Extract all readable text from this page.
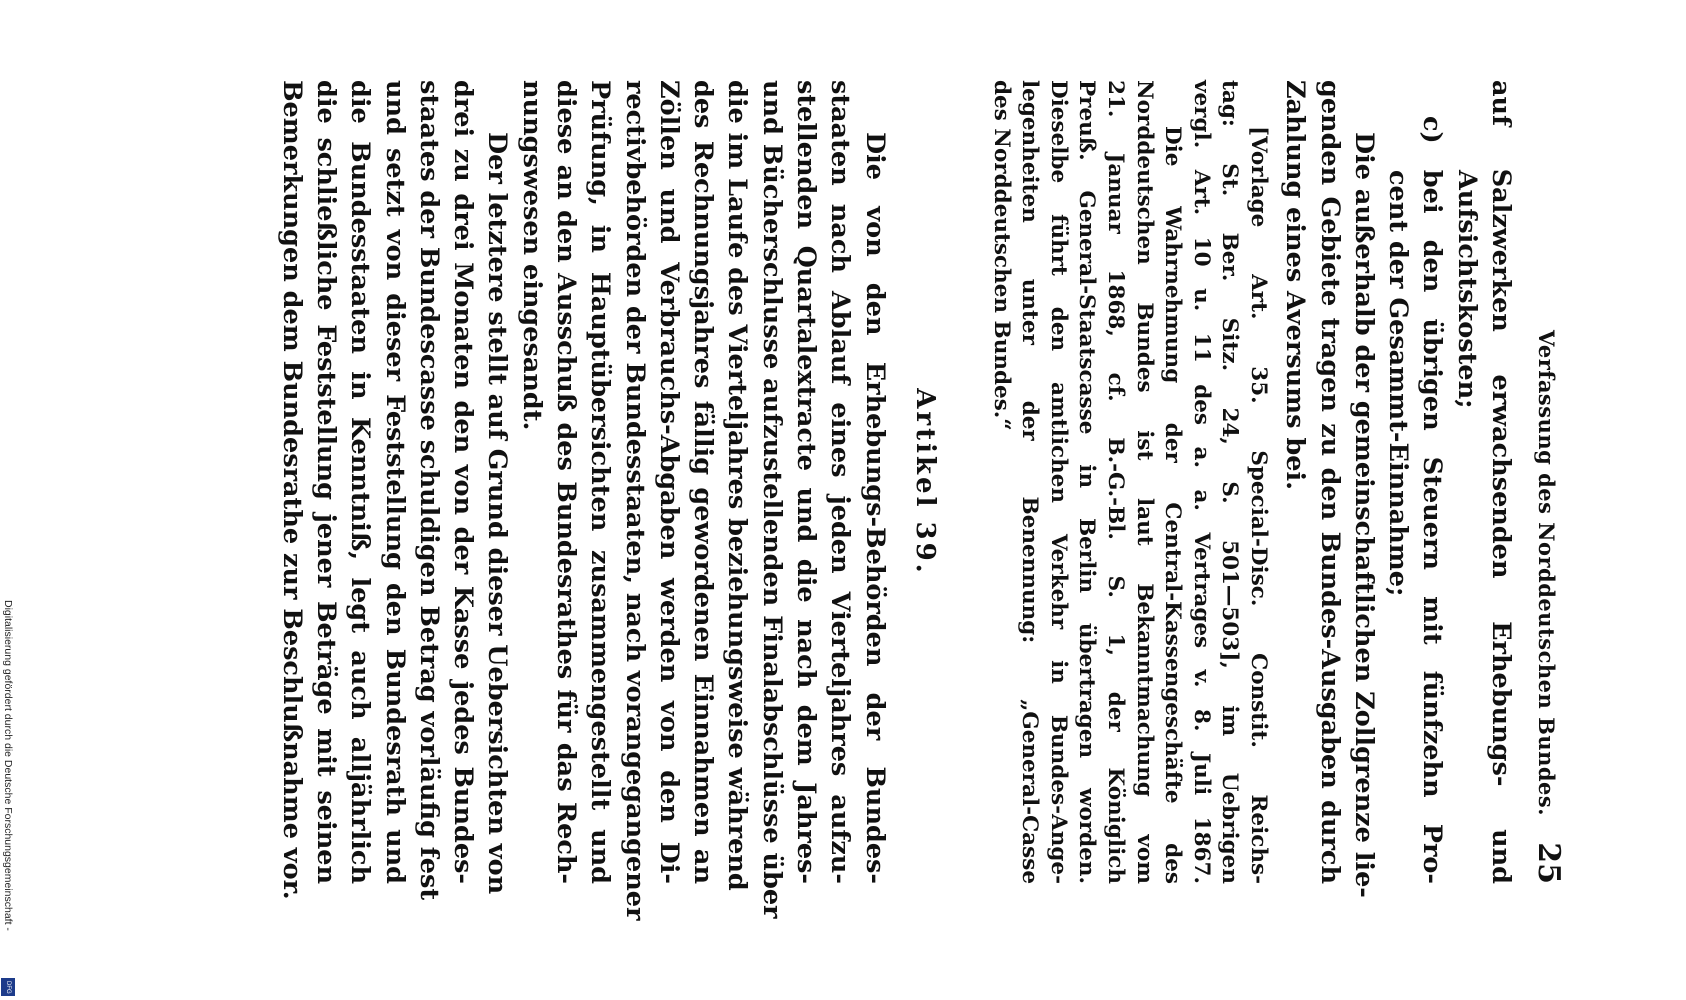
Verfassung des Norddeutschen Bundes.
25

auf Salzwerken erwachsenden Erhebungs- und

Aufsichtskosten;

c) bei den übrigen Steuern mit fünfzehn Pro-

cent der Gesammt-Einnahme;

Die außerhalb der gemeinschaftlichen Zollgrenze lie-

genden Gebiete tragen zu den Bundes-Ausgaben durch

Zahlung eines Aversums bei.

[Vorlage Art. 35. Special-Disc. Constit. Reichs-

tag: St. Ber. Sitz. 24, S. 501—503], im Uebrigen

vergl. Art. 10 u. 11 des a. a. Vertrages v. 8. Juli 1867.

Die Wahrnehmung der Central-Kassengeschäfte des

Norddeutschen Bundes ist laut Bekanntmachung vom

21. Januar 1868, cf. B.-G.-Bl. S. 1, der Königlich

Preuß. General-Staatscasse in Berlin übertragen worden.

Dieselbe führt den amtlichen Verkehr in Bundes-Ange-

legenheiten unter der Benennung: „General-Casse

des Norddeutschen Bundes.“

Artikel 39.

Die von den Erhebungs-Behörden der Bundes-

staaten nach Ablauf eines jeden Vierteljahres aufzu-

stellenden Quartalextracte und die nach dem Jahres-

und Bücherschlusse aufzustellenden Finalabschlüsse über

die im Laufe des Vierteljahres beziehungsweise während

des Rechnungsjahres fällig gewordenen Einnahmen an

Zöllen und Verbrauchs-Abgaben werden von den Di-

rectivbehörden der Bundesstaaten, nach vorangegangener

Prüfung, in Hauptübersichten zusammengestellt und

diese an den Ausschuß des Bundesrathes für das Rech-

nungswesen eingesandt.

Der letztere stellt auf Grund dieser Uebersichten von

drei zu drei Monaten den von der Kasse jedes Bundes-

staates der Bundescasse schuldigen Betrag vorläufig fest

und setzt von dieser Feststellung den Bundesrath und

die Bundesstaaten in Kenntniß, legt auch alljährlich

die schließliche Feststellung jener Beträge mit seinen

Bemerkungen dem Bundesrathe zur Beschlußnahme vor.

Digitalisierung gefördert durch die Deutsche Forschungsgemeinschaft -
DFG
